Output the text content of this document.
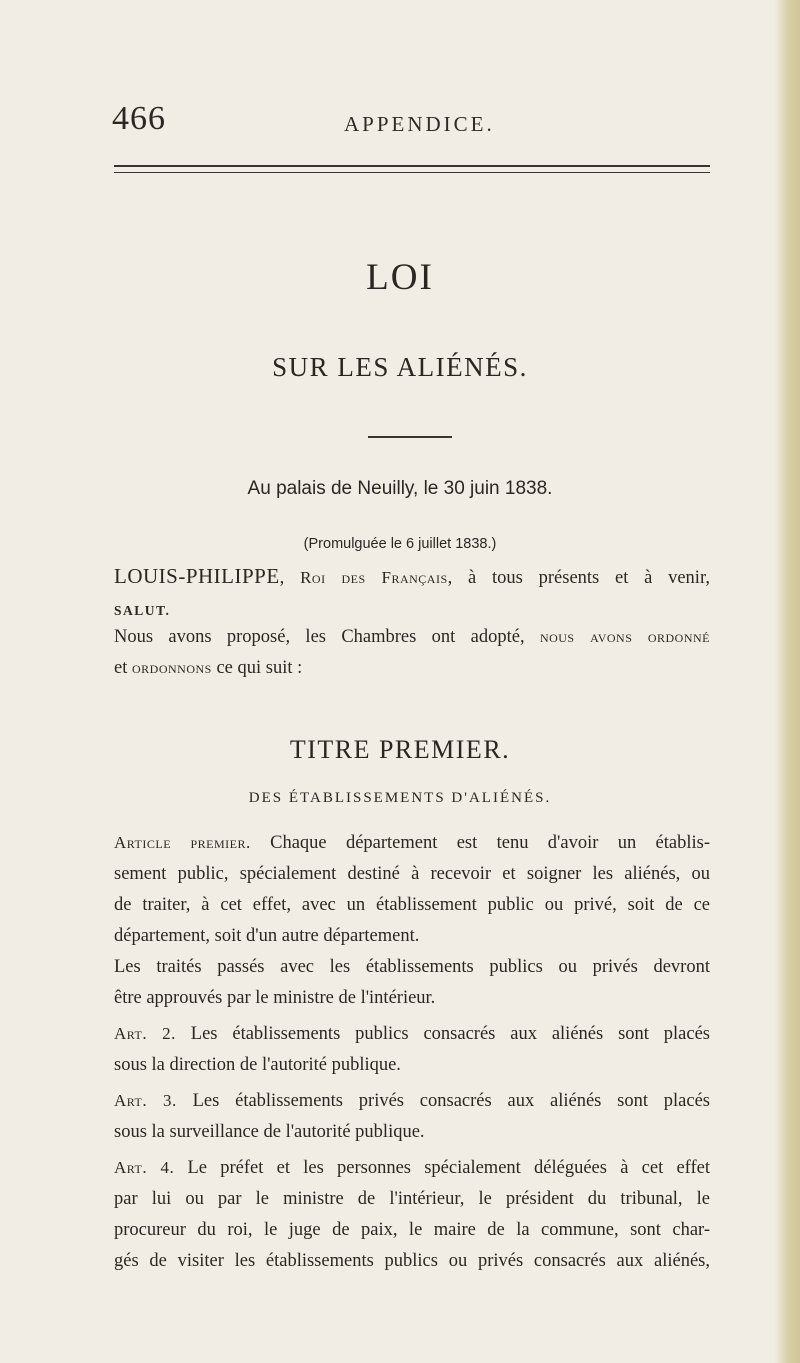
466	APPENDICE.
LOI
SUR LES ALIÉNÉS.
Au palais de Neuilly, le 30 juin 1838.
(Promulguée le 6 juillet 1838.)
LOUIS-PHILIPPE, Roi des Français, à tous présents et à venir,
SALUT.
Nous avons proposé, les Chambres ont adopté, nous avons ordonné
et ordonnons ce qui suit :
TITRE PREMIER.
DES ÉTABLISSEMENTS D'ALIÉNÉS.
Article premier. Chaque département est tenu d'avoir un établis-
sement public, spécialement destiné à recevoir et soigner les aliénés, ou
de traiter, à cet effet, avec un établissement public ou privé, soit de ce
département, soit d'un autre département.
Les traités passés avec les établissements publics ou privés devront
être approuvés par le ministre de l'intérieur.
Art. 2. Les établissements publics consacrés aux aliénés sont placés
sous la direction de l'autorité publique.
Art. 3. Les établissements privés consacrés aux aliénés sont placés
sous la surveillance de l'autorité publique.
Art. 4. Le préfet et les personnes spécialement déléguées à cet effet
par lui ou par le ministre de l'intérieur, le président du tribunal, le
procureur du roi, le juge de paix, le maire de la commune, sont char-
gés de visiter les établissements publics ou privés consacrés aux aliénés,
